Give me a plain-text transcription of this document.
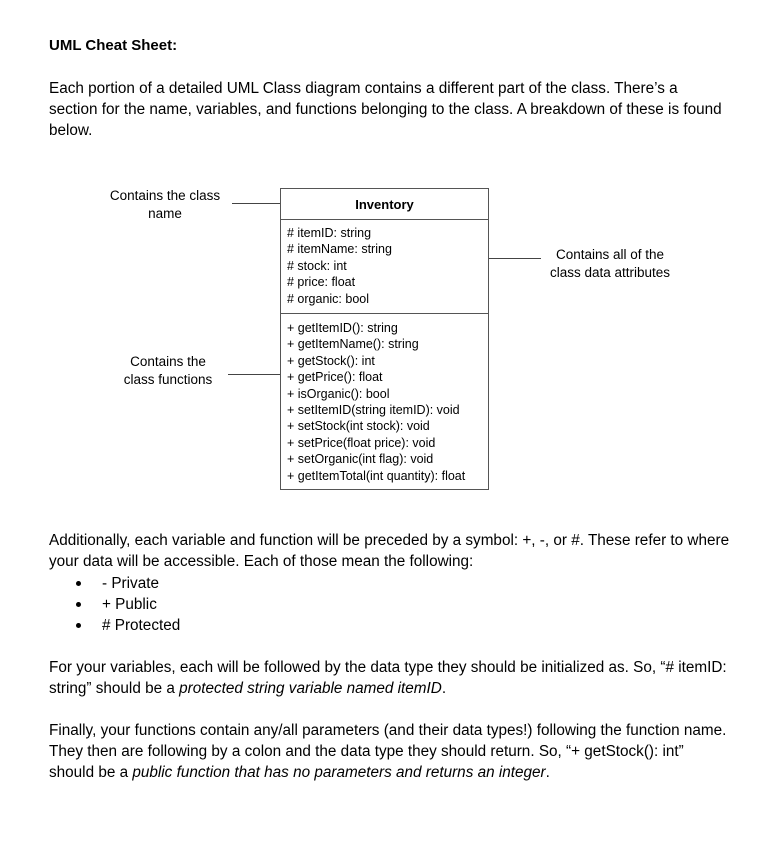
UML Cheat Sheet:

Each portion of a detailed UML Class diagram contains a different part of the class. There’s a section for the name, variables, and functions belonging to the class. A breakdown of these is found below.

Contains the class
name
Contains the
class functions
Contains all of the
class data attributes
Inventory
# itemID: string
# itemName: string
# stock: int
# price: float
# organic: bool
+ getItemID(): string
+ getItemName(): string
+ getStock(): int
+ getPrice(): float
+ isOrganic(): bool
+ setItemID(string itemID): void
+ setStock(int stock): void
+ setPrice(float price): void
+ setOrganic(int flag): void
+ getItemTotal(int quantity): float

Additionally, each variable and function will be preceded by a symbol: +, -, or #. These refer to where your data will be accessible. Each of those mean the following:

- Private
+ Public
# Protected

For your variables, each will be followed by the data type they should be initialized as. So, “# itemID: string” should be a protected string variable named itemID.

Finally, your functions contain any/all parameters (and their data types!) following the function name. They then are following by a colon and the data type they should return. So, “+ getStock(): int” should be a public function that has no parameters and returns an integer.
